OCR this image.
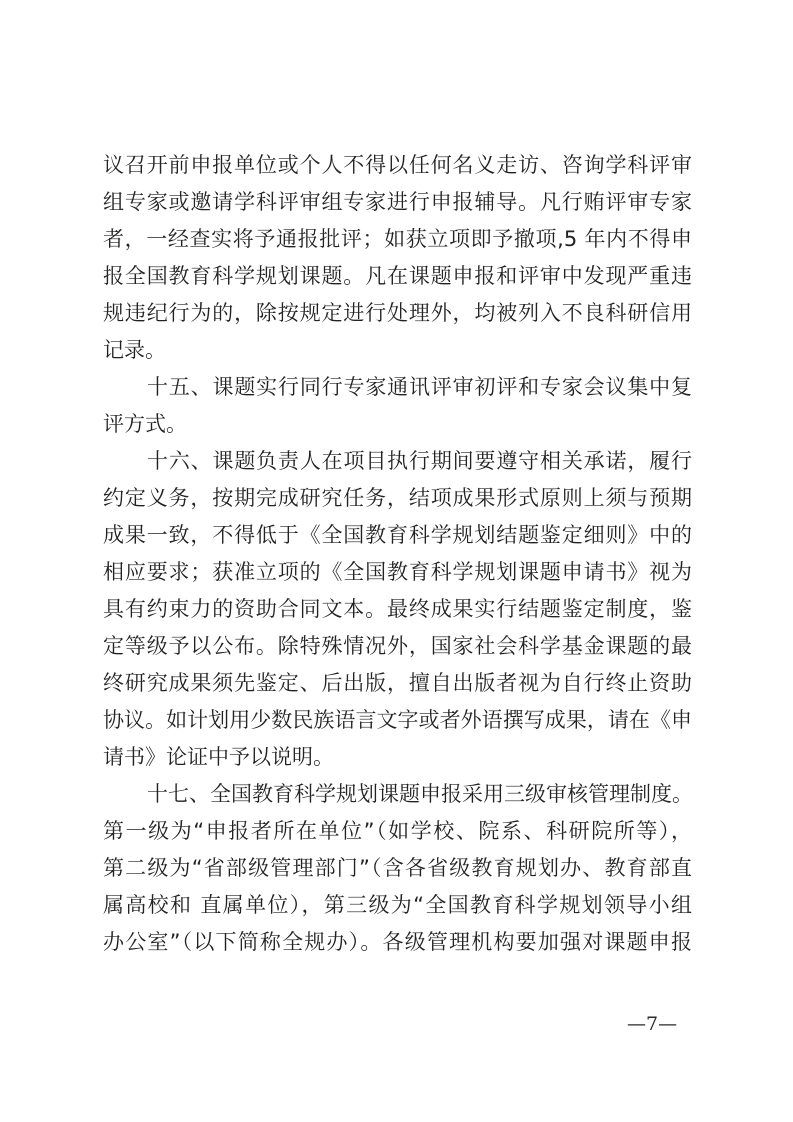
议召开前申报单位或个人不得以任何名义走访、咨询学科评审
组专家或邀请学科评审组专家进行申报辅导。凡行贿评审专家
者，一经查实将予通报批评；如获立项即予撤项,5 年内不得申
报全国教育科学规划课题。凡在课题申报和评审中发现严重违
规违纪行为的，除按规定进行处理外，均被列入不良科研信用
记录。
十五、课题实行同行专家通讯评审初评和专家会议集中复
评方式。
十六、课题负责人在项目执行期间要遵守相关承诺，履行
约定义务，按期完成研究任务，结项成果形式原则上须与预期
成果一致，不得低于《全国教育科学规划结题鉴定细则》中的
相应要求；获准立项的《全国教育科学规划课题申请书》视为
具有约束力的资助合同文本。最终成果实行结题鉴定制度，鉴
定等级予以公布。除特殊情况外，国家社会科学基金课题的最
终研究成果须先鉴定、后出版，擅自出版者视为自行终止资助
协议。如计划用少数民族语言文字或者外语撰写成果，请在《申
请书》论证中予以说明。
十七、全国教育科学规划课题申报采用三级审核管理制度。
第一级为“申报者所在单位”（如学校、院系、科研院所等），
第二级为“省部级管理部门”（含各省级教育规划办、教育部直
属高校和 直属单位），第三级为“全国教育科学规划领导小组
办公室”（以下简称全规办）。各级管理机构要加强对课题申报
—7—
